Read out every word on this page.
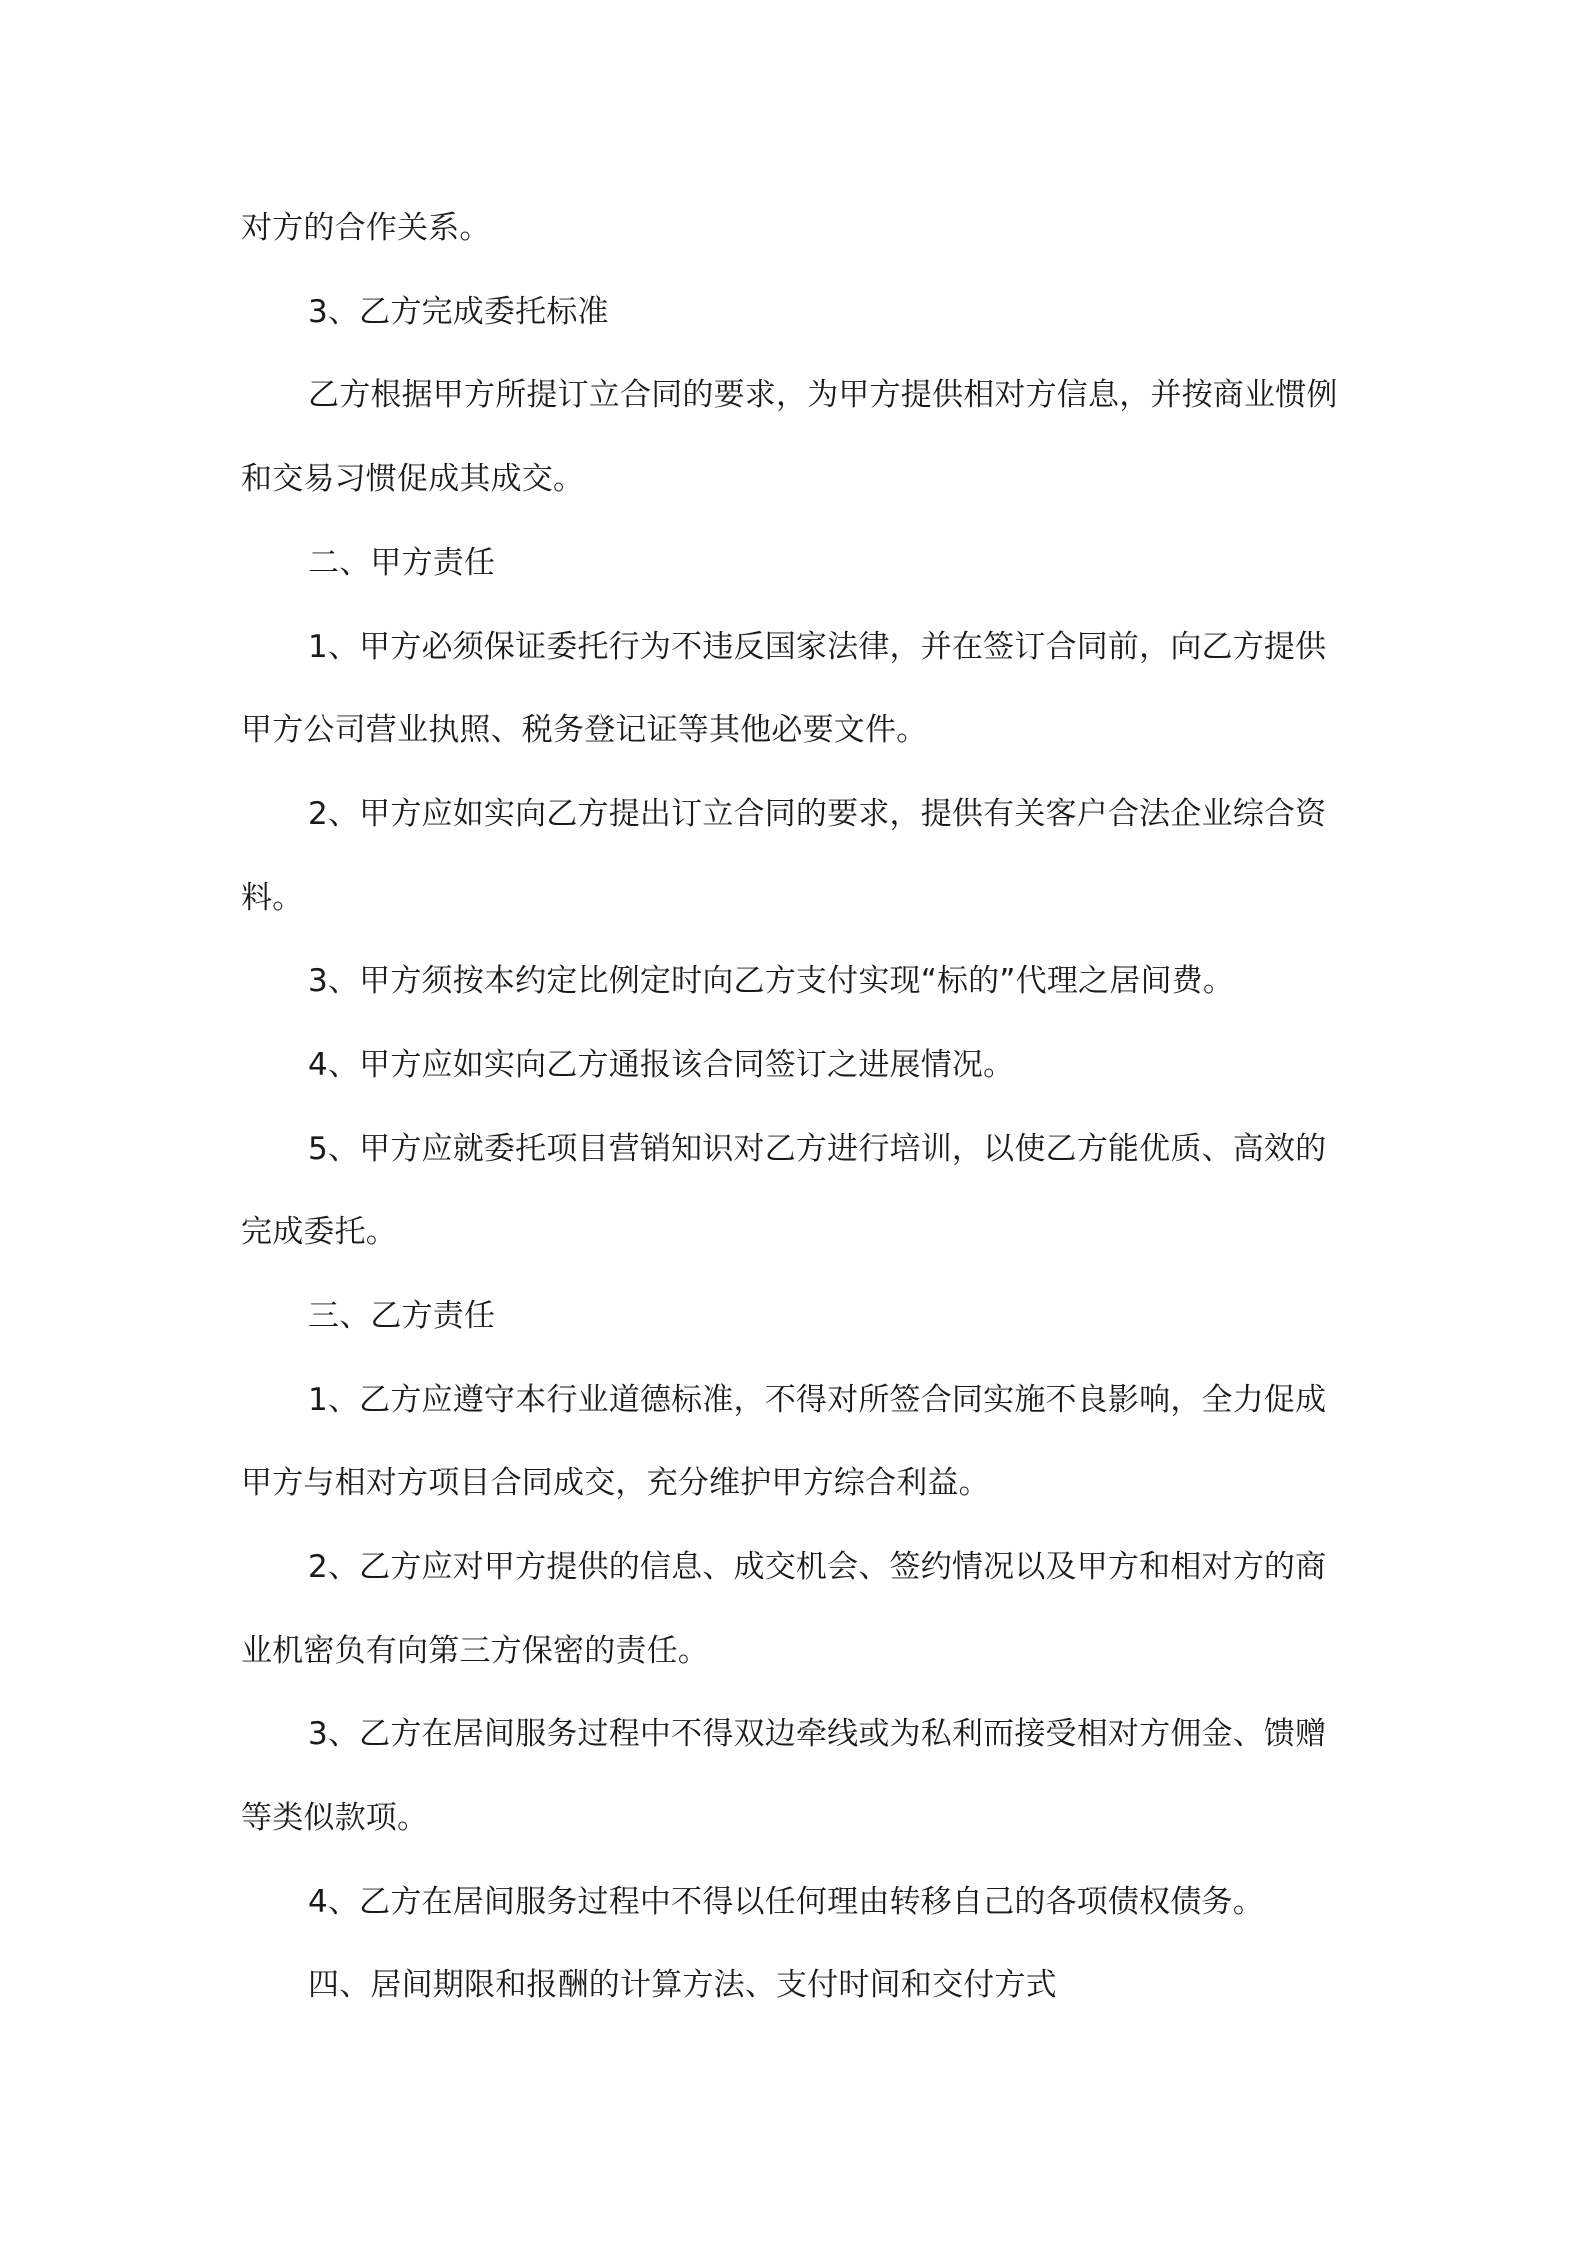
对方的合作关系。
3、乙方完成委托标准
乙方根据甲方所提订立合同的要求，为甲方提供相对方信息，并按商业惯例
和交易习惯促成其成交。
二、甲方责任
1、甲方必须保证委托行为不违反国家法律，并在签订合同前，向乙方提供
甲方公司营业执照、税务登记证等其他必要文件。
2、甲方应如实向乙方提出订立合同的要求，提供有关客户合法企业综合资
料。
3、甲方须按本约定比例定时向乙方支付实现“标的”代理之居间费。
4、甲方应如实向乙方通报该合同签订之进展情况。
5、甲方应就委托项目营销知识对乙方进行培训，以使乙方能优质、高效的
完成委托。
三、乙方责任
1、乙方应遵守本行业道德标准，不得对所签合同实施不良影响，全力促成
甲方与相对方项目合同成交，充分维护甲方综合利益。
2、乙方应对甲方提供的信息、成交机会、签约情况以及甲方和相对方的商
业机密负有向第三方保密的责任。
3、乙方在居间服务过程中不得双边牵线或为私利而接受相对方佣金、馈赠
等类似款项。
4、乙方在居间服务过程中不得以任何理由转移自己的各项债权债务。
四、居间期限和报酬的计算方法、支付时间和交付方式
